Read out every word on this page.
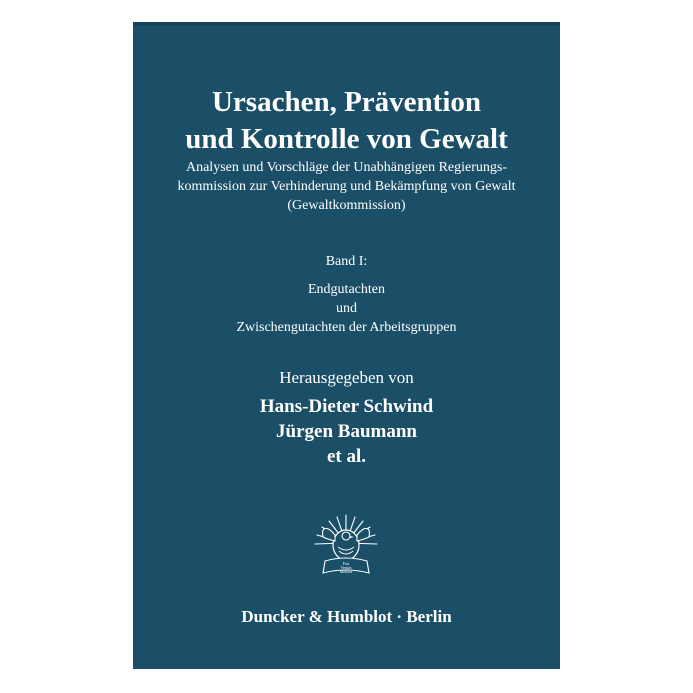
Ursachen, Prävention
und Kontrolle von Gewalt
Analysen und Vorschläge der Unabhängigen Regierungs-
kommission zur Verhinderung und Bekämpfung von Gewalt
(Gewaltkommission)
Band I:
Endgutachten
und
Zwischengutachten der Arbeitsgruppen
Herausgegeben von
Hans-Dieter Schwind
Jürgen Baumann
et al.
Fiat
Veritas
Meliora
Duncker & Humblot · Berlin
